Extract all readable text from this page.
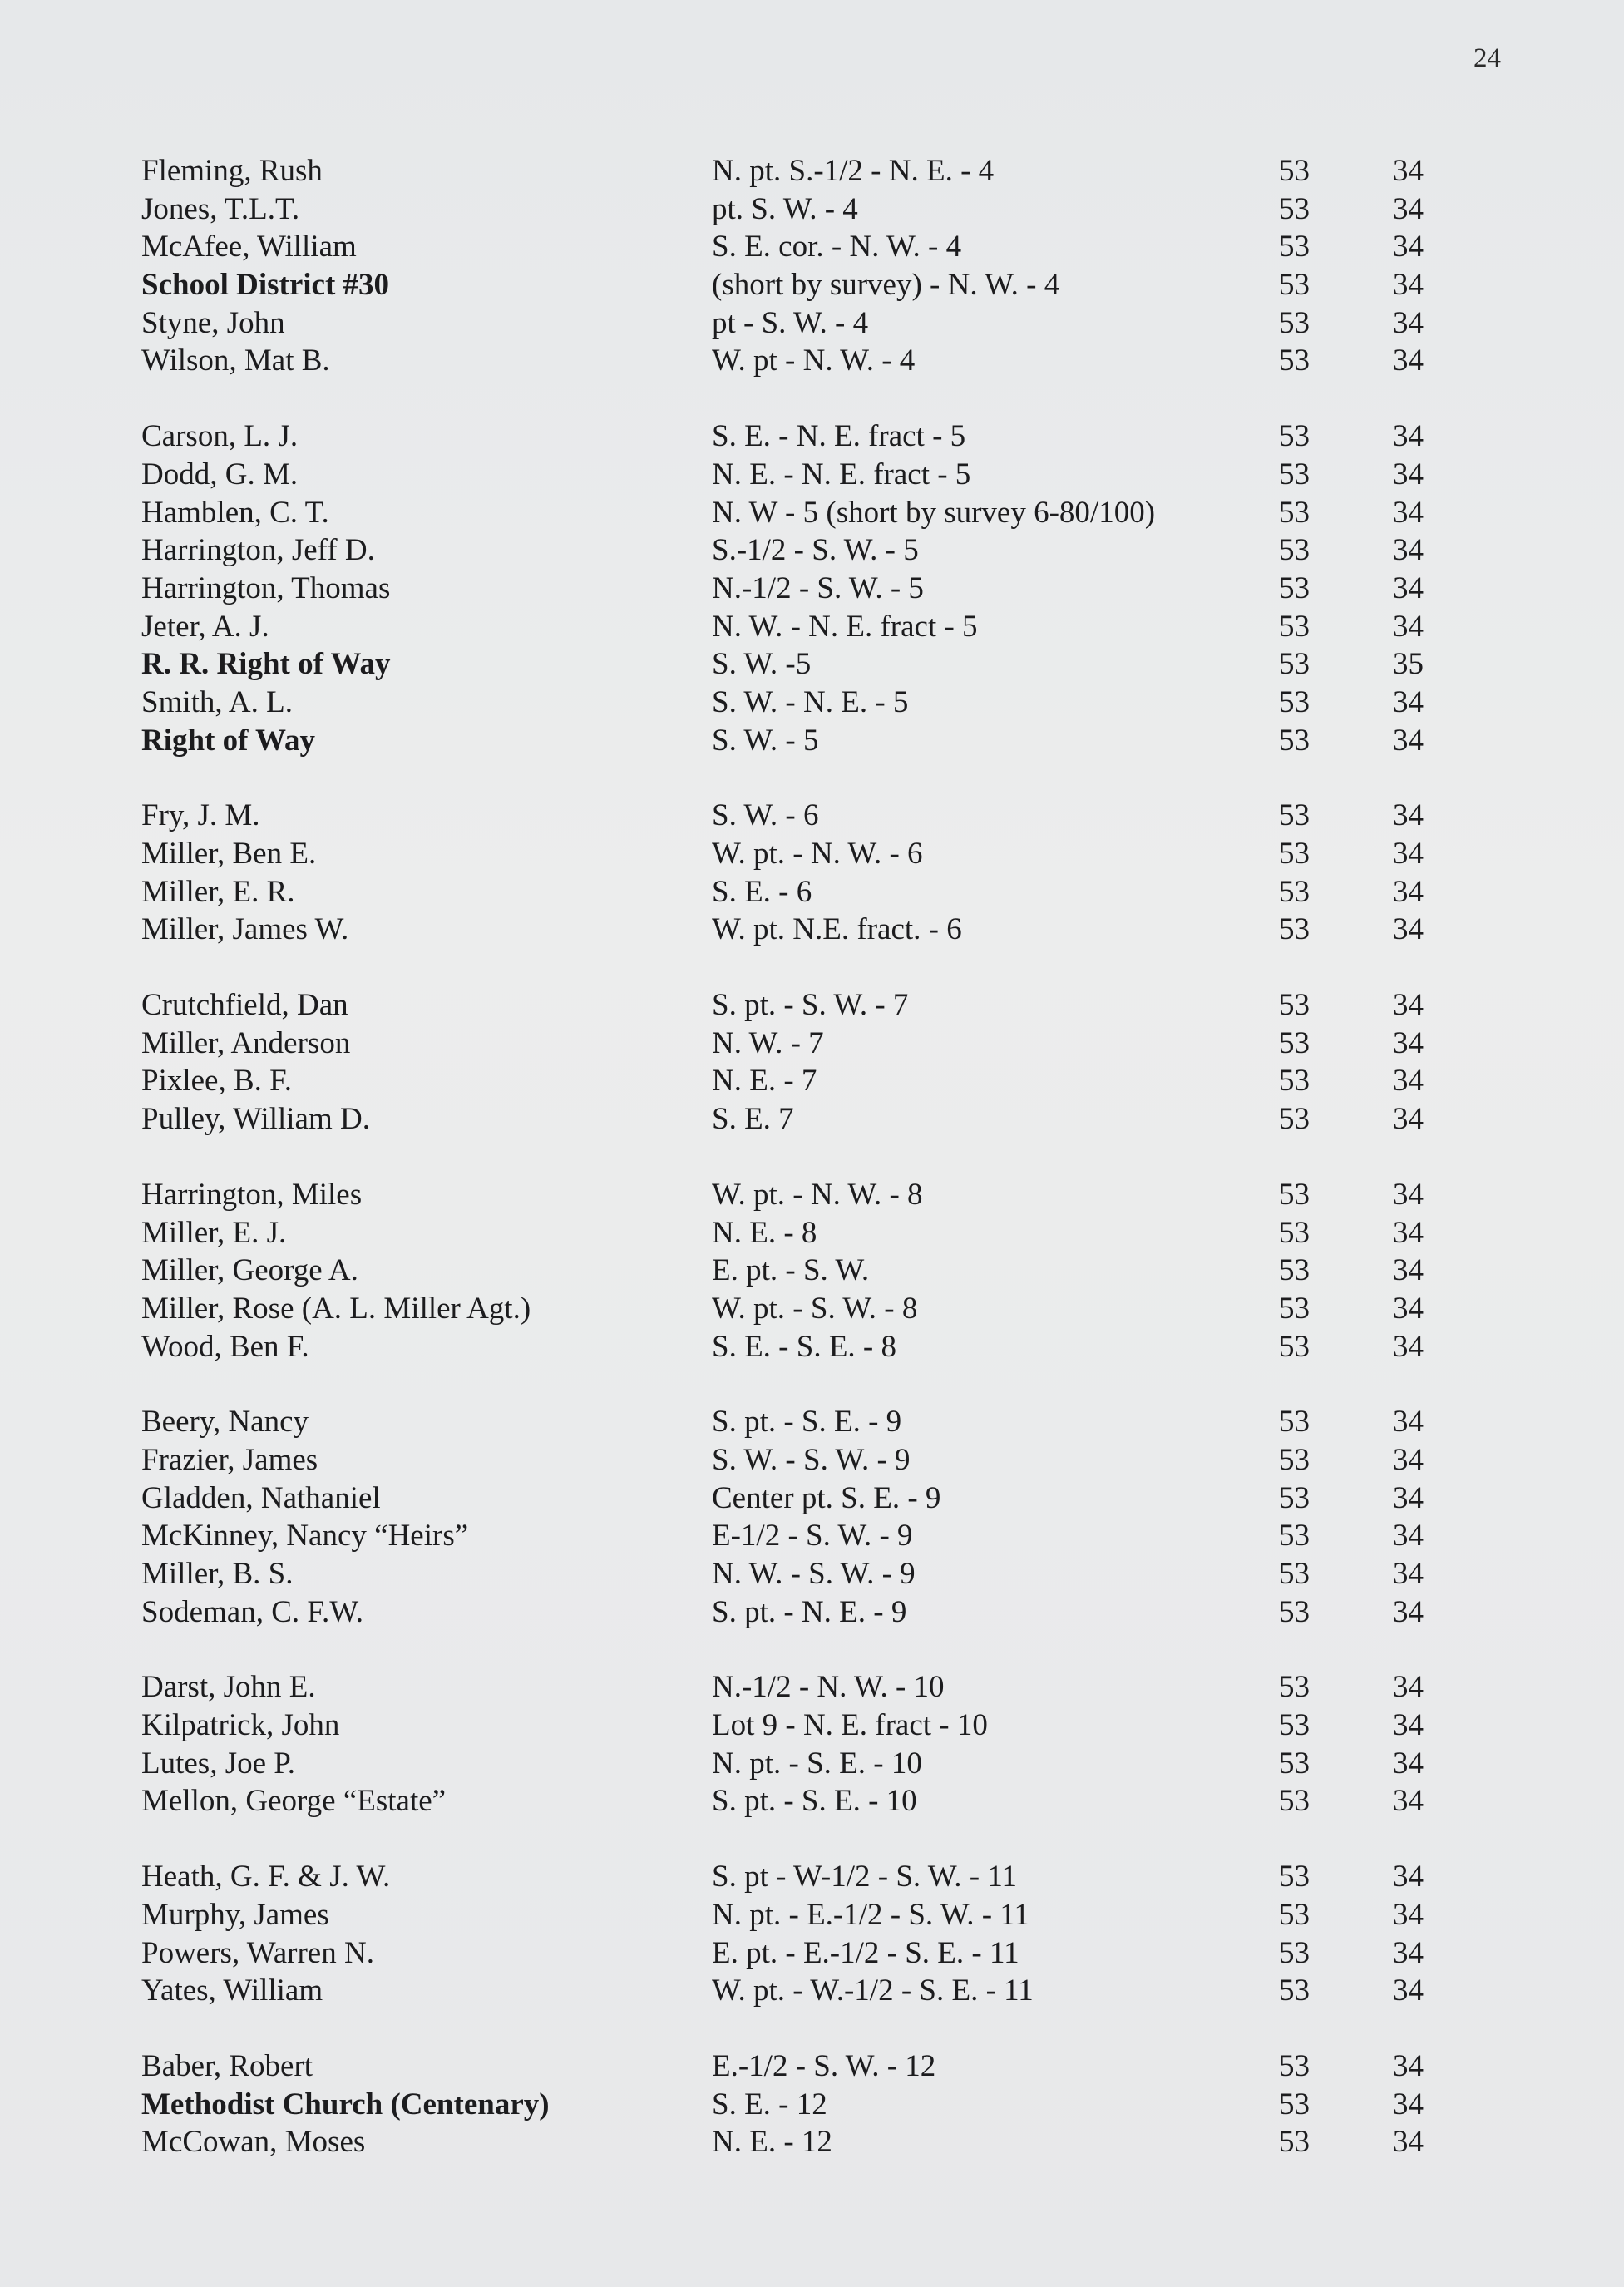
24
Fleming, Rush	N. pt. S.-1/2 - N. E. - 4	53	34
Jones, T.L.T.	pt. S. W. - 4	53	34
McAfee, William	S. E. cor. - N. W. - 4	53	34
School District #30	(short by survey) - N. W. - 4	53	34
Styne, John	pt - S. W. - 4	53	34
Wilson, Mat B.	W. pt - N. W. - 4	53	34
Carson, L. J.	S. E. - N. E. fract - 5	53	34
Dodd, G. M.	N. E. - N. E. fract - 5	53	34
Hamblen, C. T.	N. W - 5 (short by survey 6-80/100)	53	34
Harrington, Jeff D.	S.-1/2 - S. W. - 5	53	34
Harrington, Thomas	N.-1/2 - S. W. - 5	53	34
Jeter, A. J.	N. W. - N. E. fract - 5	53	34
R. R. Right of Way	S. W. -5	53	35
Smith, A. L.	S. W. - N. E. - 5	53	34
Right of Way	S. W. - 5	53	34
Fry, J. M.	S. W. - 6	53	34
Miller, Ben E.	W. pt. - N. W. - 6	53	34
Miller, E. R.	S. E. - 6	53	34
Miller, James W.	W. pt. N.E. fract. - 6	53	34
Crutchfield, Dan	S. pt. - S. W. - 7	53	34
Miller, Anderson	N. W. - 7	53	34
Pixlee, B. F.	N. E. - 7	53	34
Pulley, William D.	S. E. 7	53	34
Harrington, Miles	W. pt. - N. W. - 8	53	34
Miller, E. J.	N. E. - 8	53	34
Miller, George A.	E. pt. - S. W.	53	34
Miller, Rose (A. L. Miller Agt.)	W. pt. - S. W. - 8	53	34
Wood, Ben F.	S. E. - S. E. - 8	53	34
Beery, Nancy	S. pt. - S. E. - 9	53	34
Frazier, James	S. W. - S. W. - 9	53	34
Gladden, Nathaniel	Center pt. S. E. - 9	53	34
McKinney, Nancy “Heirs”	E-1/2 - S. W. - 9	53	34
Miller, B. S.	N. W. - S. W. - 9	53	34
Sodeman, C. F.W.	S. pt. - N. E. - 9	53	34
Darst, John E.	N.-1/2 - N. W. - 10	53	34
Kilpatrick, John	Lot 9 - N. E. fract - 10	53	34
Lutes, Joe P.	N. pt. - S. E. - 10	53	34
Mellon, George “Estate”	S. pt. - S. E. - 10	53	34
Heath, G. F. & J. W.	S. pt - W-1/2 - S. W. - 11	53	34
Murphy, James	N. pt. - E.-1/2 - S. W. - 11	53	34
Powers, Warren N.	E. pt. - E.-1/2 - S. E. - 11	53	34
Yates, William	W. pt. - W.-1/2 - S. E. - 11	53	34
Baber, Robert	E.-1/2 - S. W. - 12	53	34
Methodist Church (Centenary)	S. E. - 12	53	34
McCowan, Moses	N. E. - 12	53	34
